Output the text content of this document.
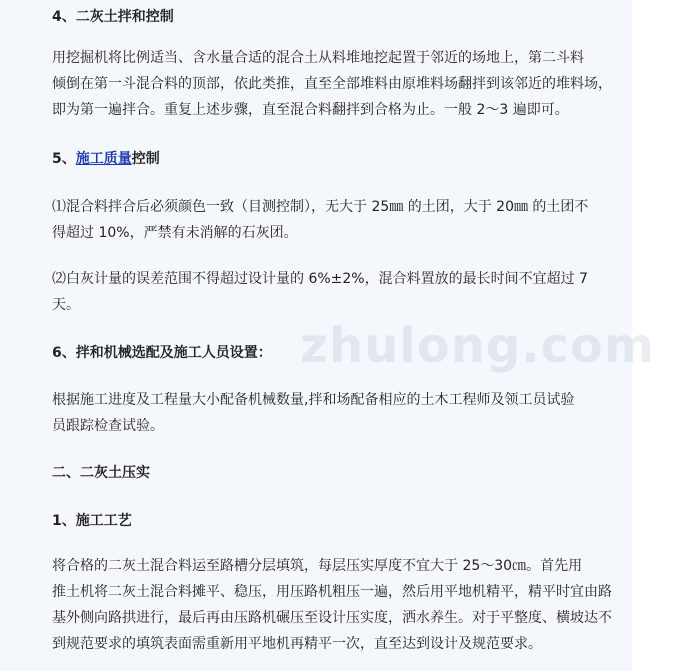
zhulong.com
4、二灰土拌和控制
用挖掘机将比例适当、含水量合适的混合土从料堆地挖起置于邻近的场地上，第二斗料
倾倒在第一斗混合料的顶部，依此类推，直至全部堆料由原堆料场翻拌到该邻近的堆料场，
即为第一遍拌合。重复上述步骤，直至混合料翻拌到合格为止。一般 2～3 遍即可。
5、施工质量控制
⑴混合料拌合后必须颜色一致（目测控制），无大于 25㎜ 的土团，大于 20㎜ 的土团不
得超过 10%，严禁有未消解的石灰团。
⑵白灰计量的误差范围不得超过设计量的 6%±2%，混合料置放的最长时间不宜超过 7
天。
6、拌和机械选配及施工人员设置：
根据施工进度及工程量大小配备机械数量,拌和场配备相应的土木工程师及领工员试验
员跟踪检查试验。
二、二灰土压实
1、施工工艺
将合格的二灰土混合料运至路槽分层填筑，每层压实厚度不宜大于 25～30㎝。首先用
推土机将二灰土混合料摊平、稳压，用压路机粗压一遍，然后用平地机精平，精平时宜由路
基外侧向路拱进行，最后再由压路机碾压至设计压实度，洒水养生。对于平整度、横坡达不
到规范要求的填筑表面需重新用平地机再精平一次，直至达到设计及规范要求。
